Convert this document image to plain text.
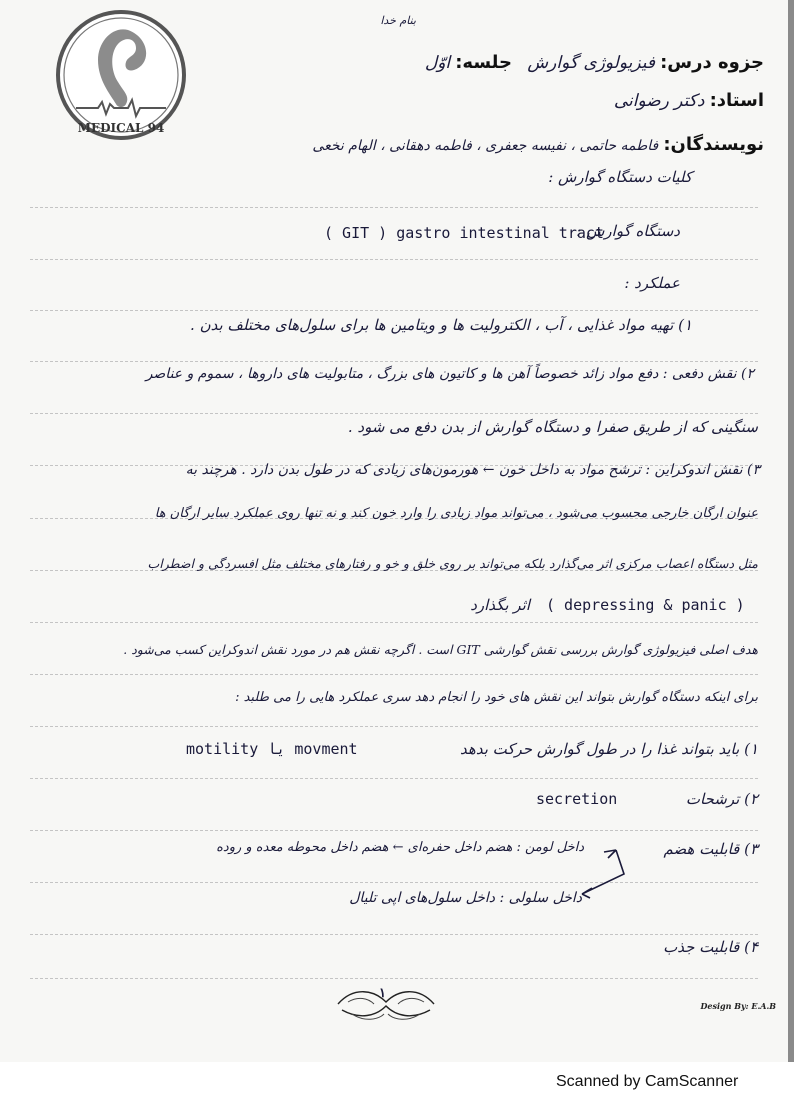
MEDICAL 94
بنام خدا
جزوه درس: فیزیولوژی گوارش
جلسه: اوّل
استاد: دکتر رضوانی
نویسندگان: فاطمه حاتمی ، نفیسه جعفری ، فاطمه دهقانی ، الهام نخعی
کلیات دستگاه گوارش :
دستگاه گوارش :
( GIT ) gastro intestinal tract
عملکرد :
۱) تهیه مواد غذایی ، آب ، الکترولیت ها و ویتامین ها برای سلول‌های مختلف بدن .
۲) نقش دفعی : دفع مواد زائد خصوصاً آهن ها و کاتیون های بزرگ ، متابولیت های داروها ، سموم و عناصر
سنگینی که از طریق صفرا و دستگاه گوارش از بدن دفع می شود .
۳) نقش اندوکراین : ترشح مواد به داخل خون ← هورمون‌های زیادی که در طول بدن دارد . هرچند به
عنوان ارگان خارجی محسوب می‌شود ، می‌تواند مواد زیادی را وارد خون کند و نه تنها روی عملکرد سایر ارگان ها
مثل دستگاه اعصاب مرکزی اثر می‌گذارد بلکه می‌تواند بر روی خلق و خو و رفتارهای مختلف مثل افسردگی و اضطراب
اثر بگذارد ( depressing & panic )
هدف اصلی فیزیولوژی گوارش بررسی نقش گوارشی GIT است . اگرچه نقش هم در مورد نقش اندوکراین کسب می‌شود .
برای اینکه دستگاه گوارش بتواند این نقش های خود را انجام دهد سری عملکرد هایی را می طلبد :
۱) باید بتواند غذا را در طول گوارش حرکت بدهد
motility یا movment
۲) ترشحات
secretion
۳) قابلیت هضم
داخل لومن : هضم داخل حفره‌ای ← هضم داخل محوطه معده و روده
داخل سلولی : داخل سلول‌های اپی تلیال
۴) قابلیت جذب
۱
Design By: E.A.B
Scanned by CamScanner
